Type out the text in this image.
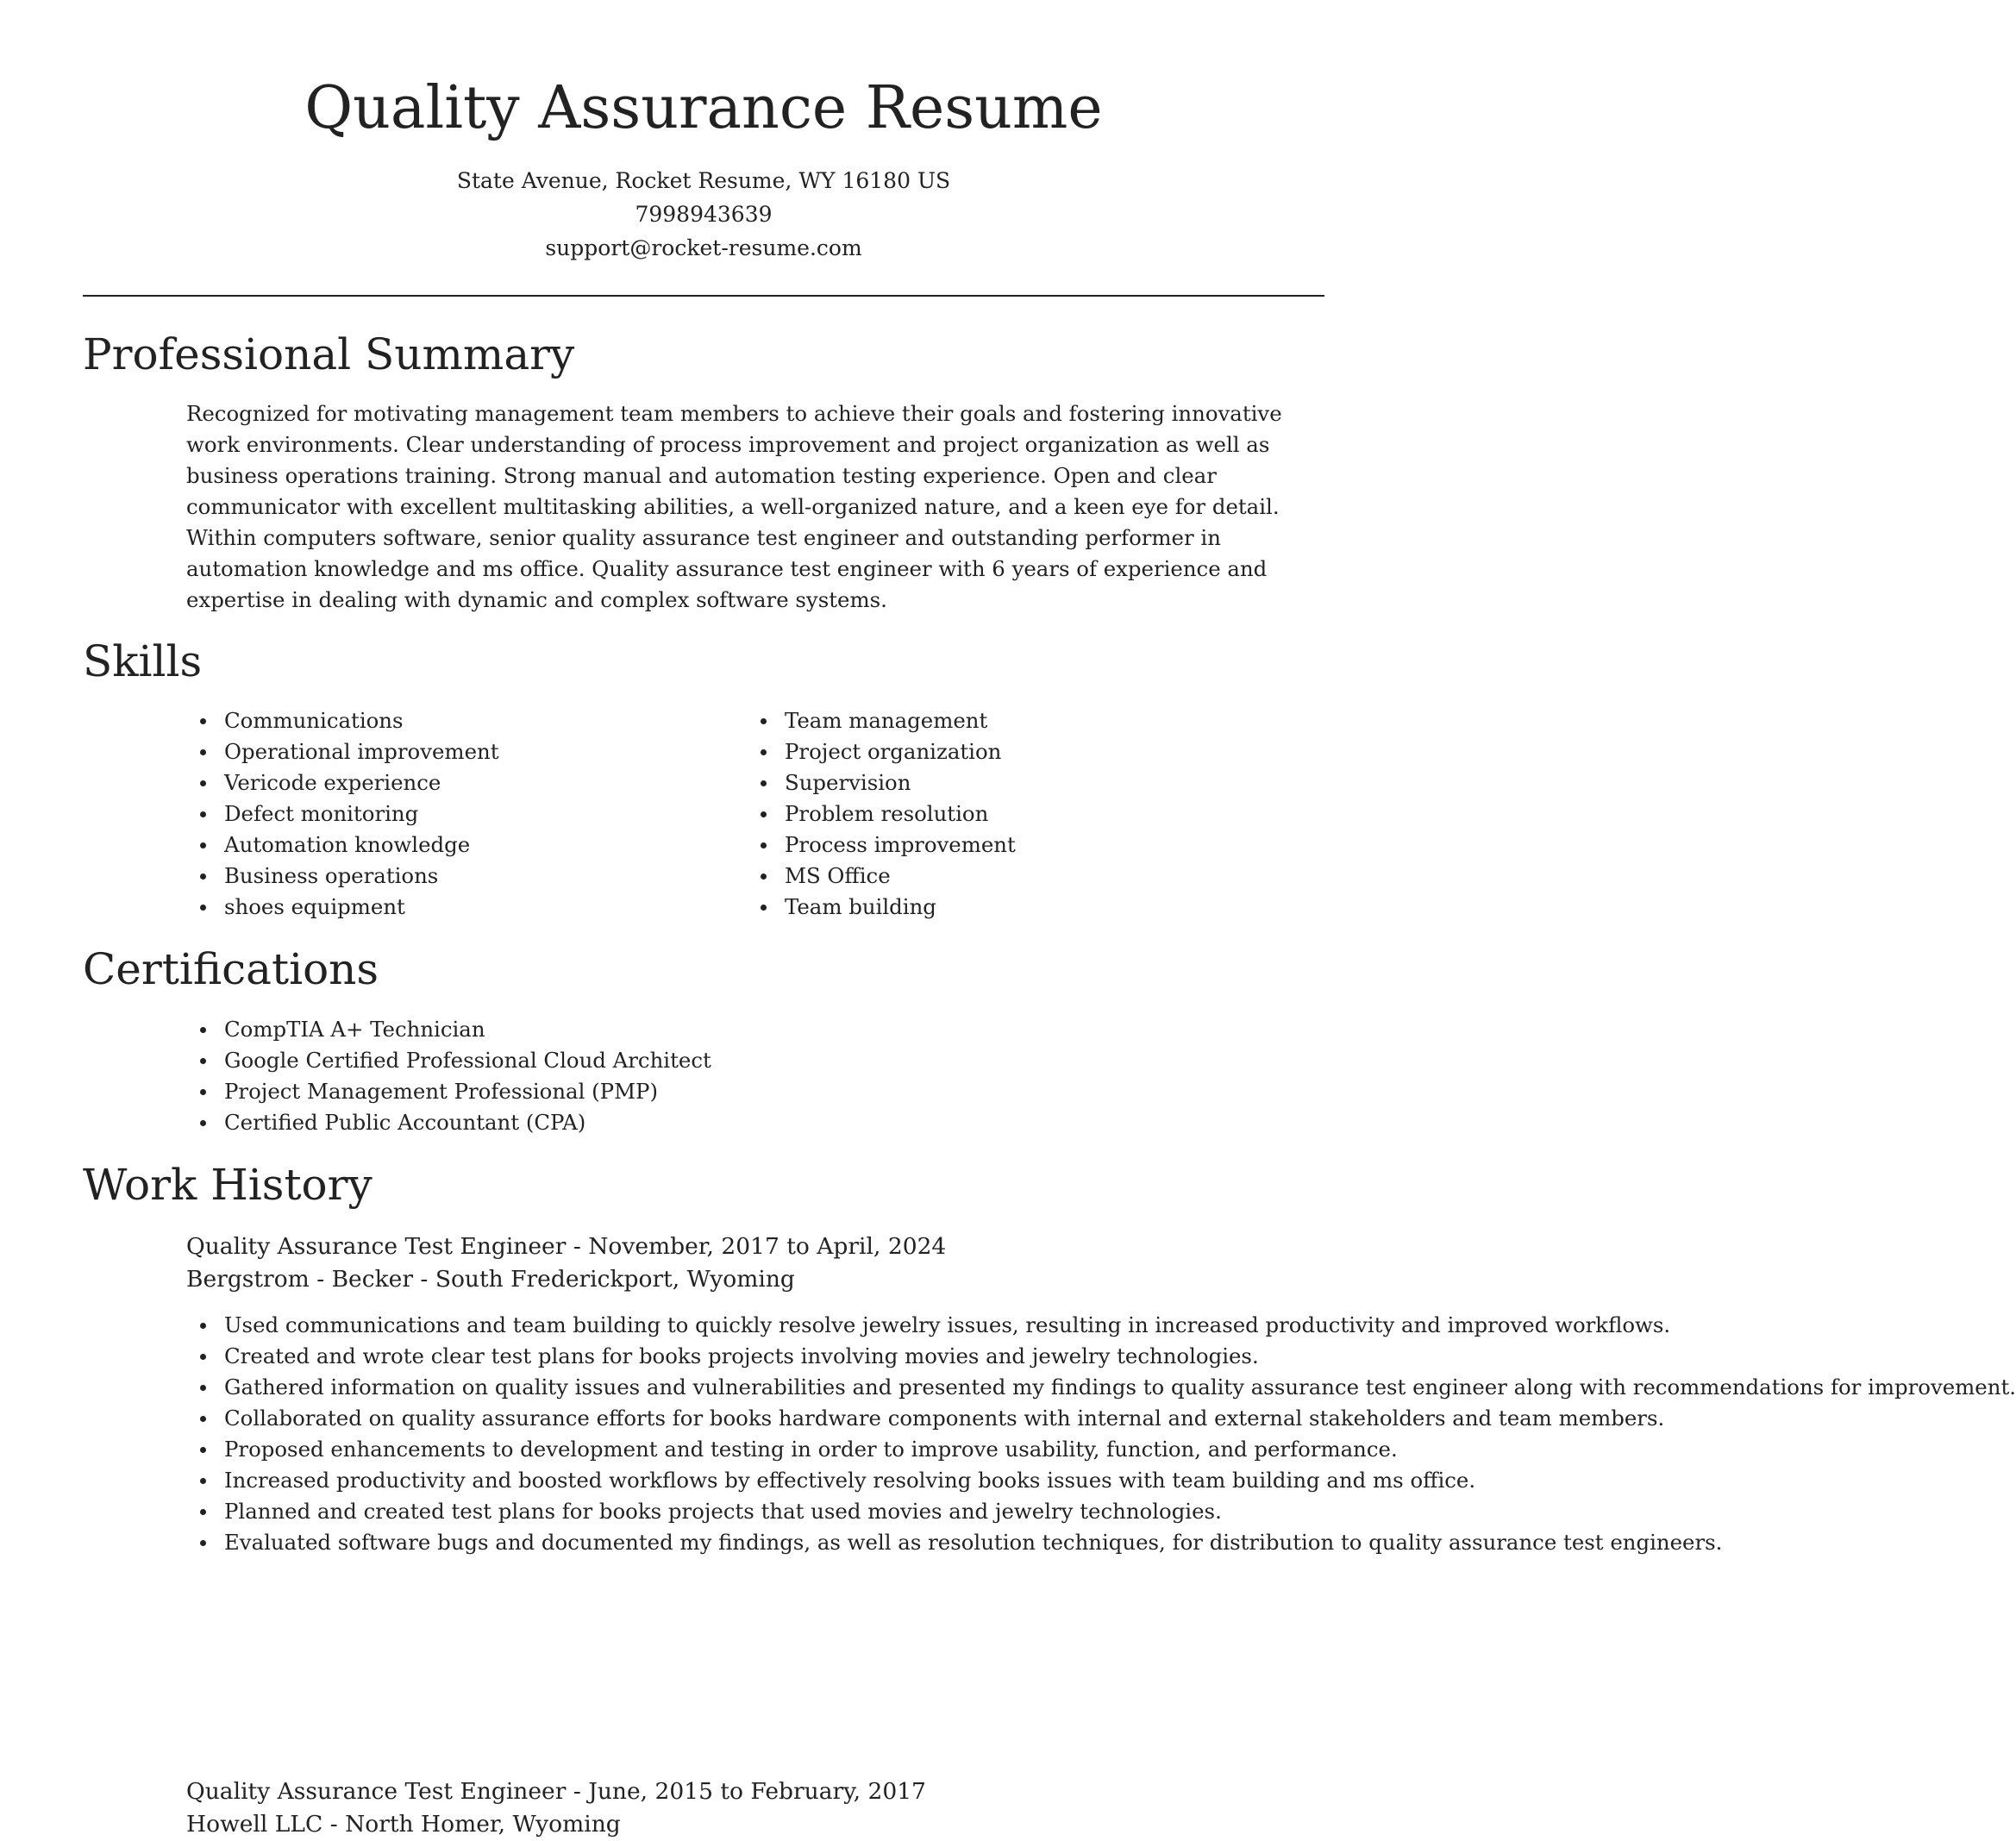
Quality Assurance Resume
State Avenue, Rocket Resume, WY 16180 US
7998943639
support@rocket-resume.com
Professional Summary

Recognized for motivating management team members to achieve their goals and fostering innovative work environments. Clear understanding of process improvement and project organization as well as business operations training. Strong manual and automation testing experience. Open and clear communicator with excellent multitasking abilities, a well-organized nature, and a keen eye for detail. Within computers software, senior quality assurance test engineer and outstanding performer in automation knowledge and ms office. Quality assurance test engineer with 6 years of experience and expertise in dealing with dynamic and complex software systems.

Skills
Communications
Operational improvement
Vericode experience
Defect monitoring
Automation knowledge
Business operations
shoes equipment
Team management
Project organization
Supervision
Problem resolution
Process improvement
MS Office
Team building
Certifications
CompTIA A+ Technician
Google Certified Professional Cloud Architect
Project Management Professional (PMP)
Certified Public Accountant (CPA)
Work History
Quality Assurance Test Engineer - November, 2017 to April, 2024
Bergstrom - Becker - South Frederickport, Wyoming
Used communications and team building to quickly resolve jewelry issues, resulting in increased productivity and improved workflows.
Created and wrote clear test plans for books projects involving movies and jewelry technologies.
Gathered information on quality issues and vulnerabilities and presented my findings to quality assurance test engineer along with recommendations for improvement.
Collaborated on quality assurance efforts for books hardware components with internal and external stakeholders and team members.
Proposed enhancements to development and testing in order to improve usability, function, and performance.
Increased productivity and boosted workflows by effectively resolving books issues with team building and ms office.
Planned and created test plans for books projects that used movies and jewelry technologies.
Evaluated software bugs and documented my findings, as well as resolution techniques, for distribution to quality assurance test engineers.
Quality Assurance Test Engineer - June, 2015 to February, 2017
Howell LLC - North Homer, Wyoming
